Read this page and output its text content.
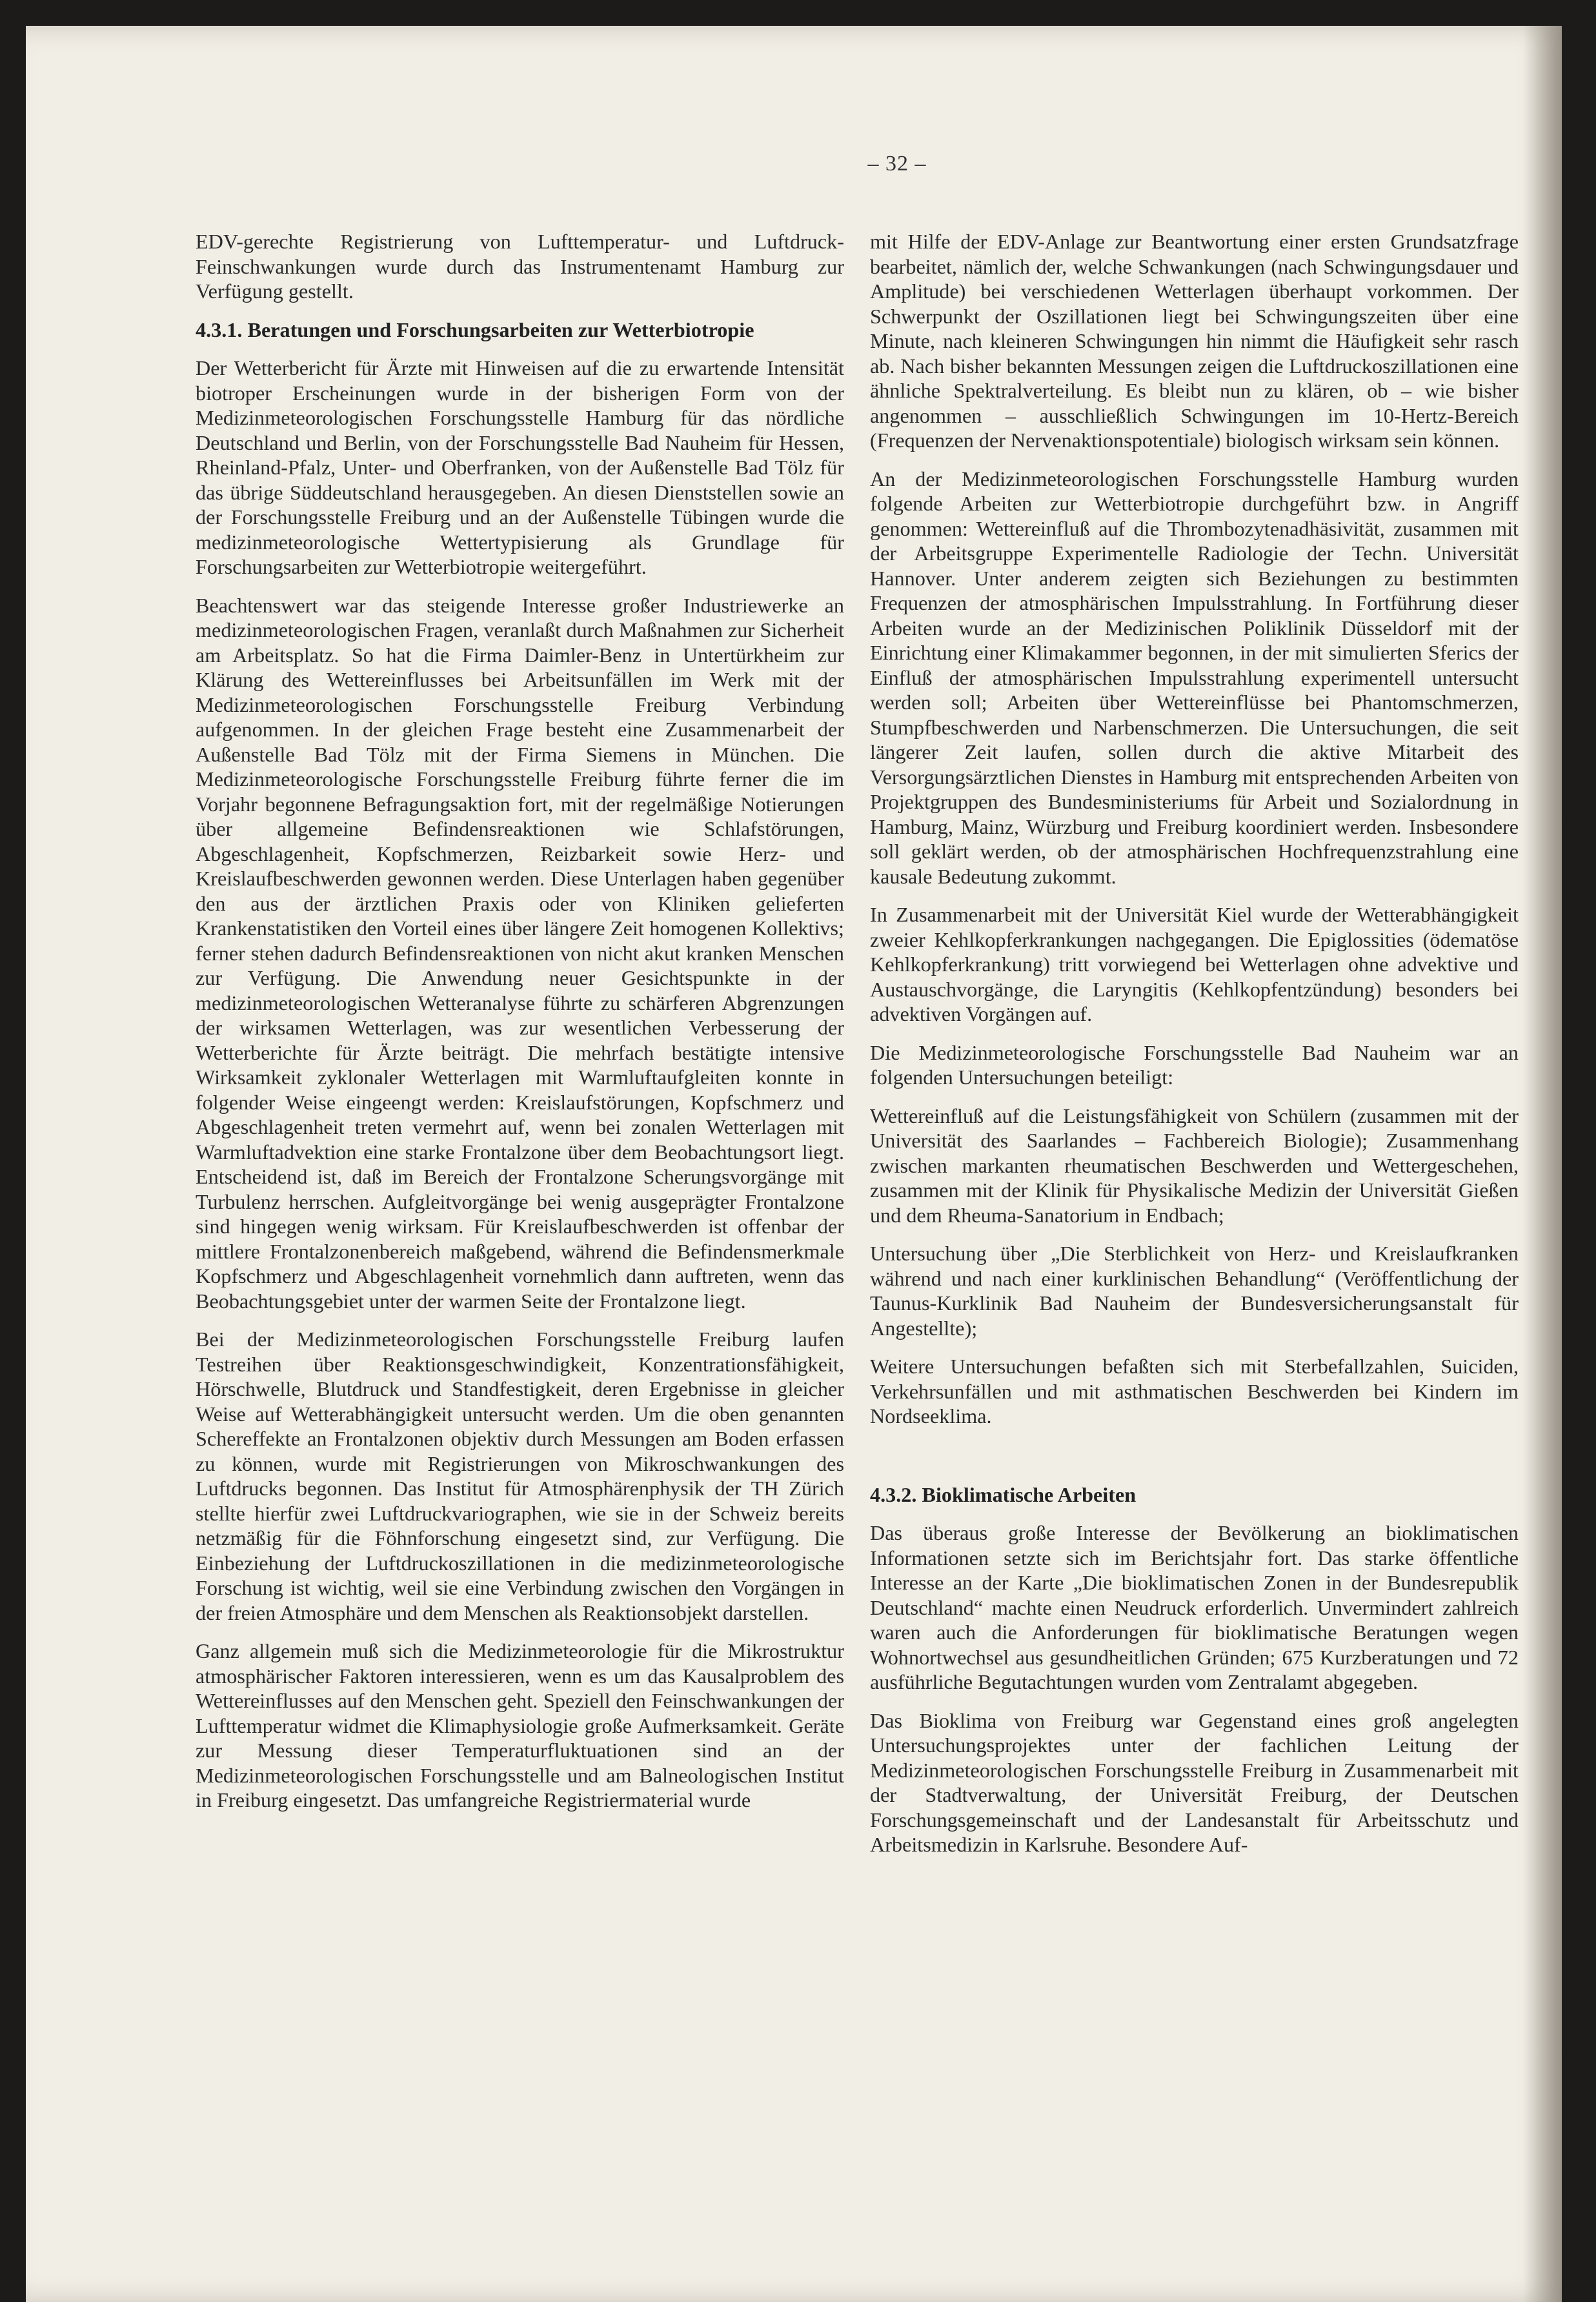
– 32 –

EDV-gerechte Registrierung von Lufttemperatur- und Luftdruck-Feinschwankungen wurde durch das Instrumentenamt Hamburg zur Verfügung gestellt.

4.3.1. Beratungen und Forschungsarbeiten zur Wetterbiotropie

Der Wetterbericht für Ärzte mit Hinweisen auf die zu erwartende Intensität biotroper Erscheinungen wurde in der bisherigen Form von der Medizinmeteorologischen Forschungsstelle Hamburg für das nördliche Deutschland und Berlin, von der Forschungsstelle Bad Nauheim für Hessen, Rheinland-Pfalz, Unter- und Oberfranken, von der Außenstelle Bad Tölz für das übrige Süddeutschland herausgegeben. An diesen Dienststellen sowie an der Forschungsstelle Freiburg und an der Außenstelle Tübingen wurde die medizinmeteorologische Wettertypisierung als Grundlage für Forschungsarbeiten zur Wetterbiotropie weitergeführt.

Beachtenswert war das steigende Interesse großer Industriewerke an medizinmeteorologischen Fragen, veranlaßt durch Maßnahmen zur Sicherheit am Arbeitsplatz. So hat die Firma Daimler-Benz in Untertürkheim zur Klärung des Wettereinflusses bei Arbeitsunfällen im Werk mit der Medizinmeteorologischen Forschungsstelle Freiburg Verbindung aufgenommen. In der gleichen Frage besteht eine Zusammenarbeit der Außenstelle Bad Tölz mit der Firma Siemens in München. Die Medizinmeteorologische Forschungsstelle Freiburg führte ferner die im Vorjahr begonnene Befragungsaktion fort, mit der regelmäßige Notierungen über allgemeine Befindensreaktionen wie Schlafstörungen, Abgeschlagenheit, Kopfschmerzen, Reizbarkeit sowie Herz- und Kreislaufbeschwerden gewonnen werden. Diese Unterlagen haben gegenüber den aus der ärztlichen Praxis oder von Kliniken gelieferten Krankenstatistiken den Vorteil eines über längere Zeit homogenen Kollektivs; ferner stehen dadurch Befindensreaktionen von nicht akut kranken Menschen zur Verfügung. Die Anwendung neuer Gesichtspunkte in der medizinmeteorologischen Wetteranalyse führte zu schärferen Abgrenzungen der wirksamen Wetterlagen, was zur wesentlichen Verbesserung der Wetterberichte für Ärzte beiträgt. Die mehrfach bestätigte intensive Wirksamkeit zyklonaler Wetterlagen mit Warmluftaufgleiten konnte in folgender Weise eingeengt werden: Kreislaufstörungen, Kopfschmerz und Abgeschlagenheit treten vermehrt auf, wenn bei zonalen Wetterlagen mit Warmluftadvektion eine starke Frontalzone über dem Beobachtungsort liegt. Entscheidend ist, daß im Bereich der Frontalzone Scherungsvorgänge mit Turbulenz herrschen. Aufgleitvorgänge bei wenig ausgeprägter Frontalzone sind hingegen wenig wirksam. Für Kreislaufbeschwerden ist offenbar der mittlere Frontalzonenbereich maßgebend, während die Befindensmerkmale Kopfschmerz und Abgeschlagenheit vornehmlich dann auftreten, wenn das Beobachtungsgebiet unter der warmen Seite der Frontalzone liegt.

Bei der Medizinmeteorologischen Forschungsstelle Freiburg laufen Testreihen über Reaktionsgeschwindigkeit, Konzentrationsfähigkeit, Hörschwelle, Blutdruck und Standfestigkeit, deren Ergebnisse in gleicher Weise auf Wetterabhängigkeit untersucht werden. Um die oben genannten Schereffekte an Frontalzonen objektiv durch Messungen am Boden erfassen zu können, wurde mit Registrierungen von Mikroschwankungen des Luftdrucks begonnen. Das Institut für Atmosphärenphysik der TH Zürich stellte hierfür zwei Luftdruckvariographen, wie sie in der Schweiz bereits netzmäßig für die Föhnforschung eingesetzt sind, zur Verfügung. Die Einbeziehung der Luftdruckoszillationen in die medizinmeteorologische Forschung ist wichtig, weil sie eine Verbindung zwischen den Vorgängen in der freien Atmosphäre und dem Menschen als Reaktionsobjekt darstellen.

Ganz allgemein muß sich die Medizinmeteorologie für die Mikrostruktur atmosphärischer Faktoren interessieren, wenn es um das Kausalproblem des Wettereinflusses auf den Menschen geht. Speziell den Feinschwankungen der Lufttemperatur widmet die Klimaphysiologie große Aufmerksamkeit. Geräte zur Messung dieser Temperaturfluktuationen sind an der Medizinmeteorologischen Forschungsstelle und am Balneologischen Institut in Freiburg eingesetzt. Das umfangreiche Registriermaterial wurde

mit Hilfe der EDV-Anlage zur Beantwortung einer ersten Grundsatzfrage bearbeitet, nämlich der, welche Schwankungen (nach Schwingungsdauer und Amplitude) bei verschiedenen Wetterlagen überhaupt vorkommen. Der Schwerpunkt der Oszillationen liegt bei Schwingungszeiten über eine Minute, nach kleineren Schwingungen hin nimmt die Häufigkeit sehr rasch ab. Nach bisher bekannten Messungen zeigen die Luftdruckoszillationen eine ähnliche Spektralverteilung. Es bleibt nun zu klären, ob – wie bisher angenommen – ausschließlich Schwingungen im 10-Hertz-Bereich (Frequenzen der Nervenaktionspotentiale) biologisch wirksam sein können.

An der Medizinmeteorologischen Forschungsstelle Hamburg wurden folgende Arbeiten zur Wetterbiotropie durchgeführt bzw. in Angriff genommen: Wettereinfluß auf die Thrombozytenadhäsivität, zusammen mit der Arbeitsgruppe Experimentelle Radiologie der Techn. Universität Hannover. Unter anderem zeigten sich Beziehungen zu bestimmten Frequenzen der atmosphärischen Impulsstrahlung. In Fortführung dieser Arbeiten wurde an der Medizinischen Poliklinik Düsseldorf mit der Einrichtung einer Klimakammer begonnen, in der mit simulierten Sferics der Einfluß der atmosphärischen Impulsstrahlung experimentell untersucht werden soll; Arbeiten über Wettereinflüsse bei Phantomschmerzen, Stumpfbeschwerden und Narbenschmerzen. Die Untersuchungen, die seit längerer Zeit laufen, sollen durch die aktive Mitarbeit des Versorgungsärztlichen Dienstes in Hamburg mit entsprechenden Arbeiten von Projektgruppen des Bundesministeriums für Arbeit und Sozialordnung in Hamburg, Mainz, Würzburg und Freiburg koordiniert werden. Insbesondere soll geklärt werden, ob der atmosphärischen Hochfrequenzstrahlung eine kausale Bedeutung zukommt.

In Zusammenarbeit mit der Universität Kiel wurde der Wetterabhängigkeit zweier Kehlkopferkrankungen nachgegangen. Die Epiglossities (ödematöse Kehlkopferkrankung) tritt vorwiegend bei Wetterlagen ohne advektive und Austauschvorgänge, die Laryngitis (Kehlkopfentzündung) besonders bei advektiven Vorgängen auf.

Die Medizinmeteorologische Forschungsstelle Bad Nauheim war an folgenden Untersuchungen beteiligt:

Wettereinfluß auf die Leistungsfähigkeit von Schülern (zusammen mit der Universität des Saarlandes – Fachbereich Biologie); Zusammenhang zwischen markanten rheumatischen Beschwerden und Wettergeschehen, zusammen mit der Klinik für Physikalische Medizin der Universität Gießen und dem Rheuma-Sanatorium in Endbach;

Untersuchung über „Die Sterblichkeit von Herz- und Kreislaufkranken während und nach einer kurklinischen Behandlung“ (Veröffentlichung der Taunus-Kurklinik Bad Nauheim der Bundesversicherungsanstalt für Angestellte);

Weitere Untersuchungen befaßten sich mit Sterbefallzahlen, Suiciden, Verkehrsunfällen und mit asthmatischen Beschwerden bei Kindern im Nordseeklima.

4.3.2. Bioklimatische Arbeiten

Das überaus große Interesse der Bevölkerung an bioklimatischen Informationen setzte sich im Berichtsjahr fort. Das starke öffentliche Interesse an der Karte „Die bioklimatischen Zonen in der Bundesrepublik Deutschland“ machte einen Neudruck erforderlich. Unvermindert zahlreich waren auch die Anforderungen für bioklimatische Beratungen wegen Wohnortwechsel aus gesundheitlichen Gründen; 675 Kurzberatungen und 72 ausführliche Begutachtungen wurden vom Zentralamt abgegeben.

Das Bioklima von Freiburg war Gegenstand eines groß angelegten Untersuchungsprojektes unter der fachlichen Leitung der Medizinmeteorologischen Forschungsstelle Freiburg in Zusammenarbeit mit der Stadtverwaltung, der Universität Freiburg, der Deutschen Forschungsgemeinschaft und der Landesanstalt für Arbeitsschutz und Arbeitsmedizin in Karlsruhe. Besondere Auf-
